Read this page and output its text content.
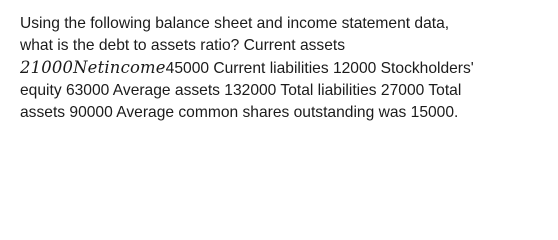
Using the following balance sheet and income statement data,
what is the debt to assets ratio? Current assets
21000Netincome45000 Current liabilities 12000 Stockholders'
equity 63000 Average assets 132000 Total liabilities 27000 Total
assets 90000 Average common shares outstanding was 15000.
